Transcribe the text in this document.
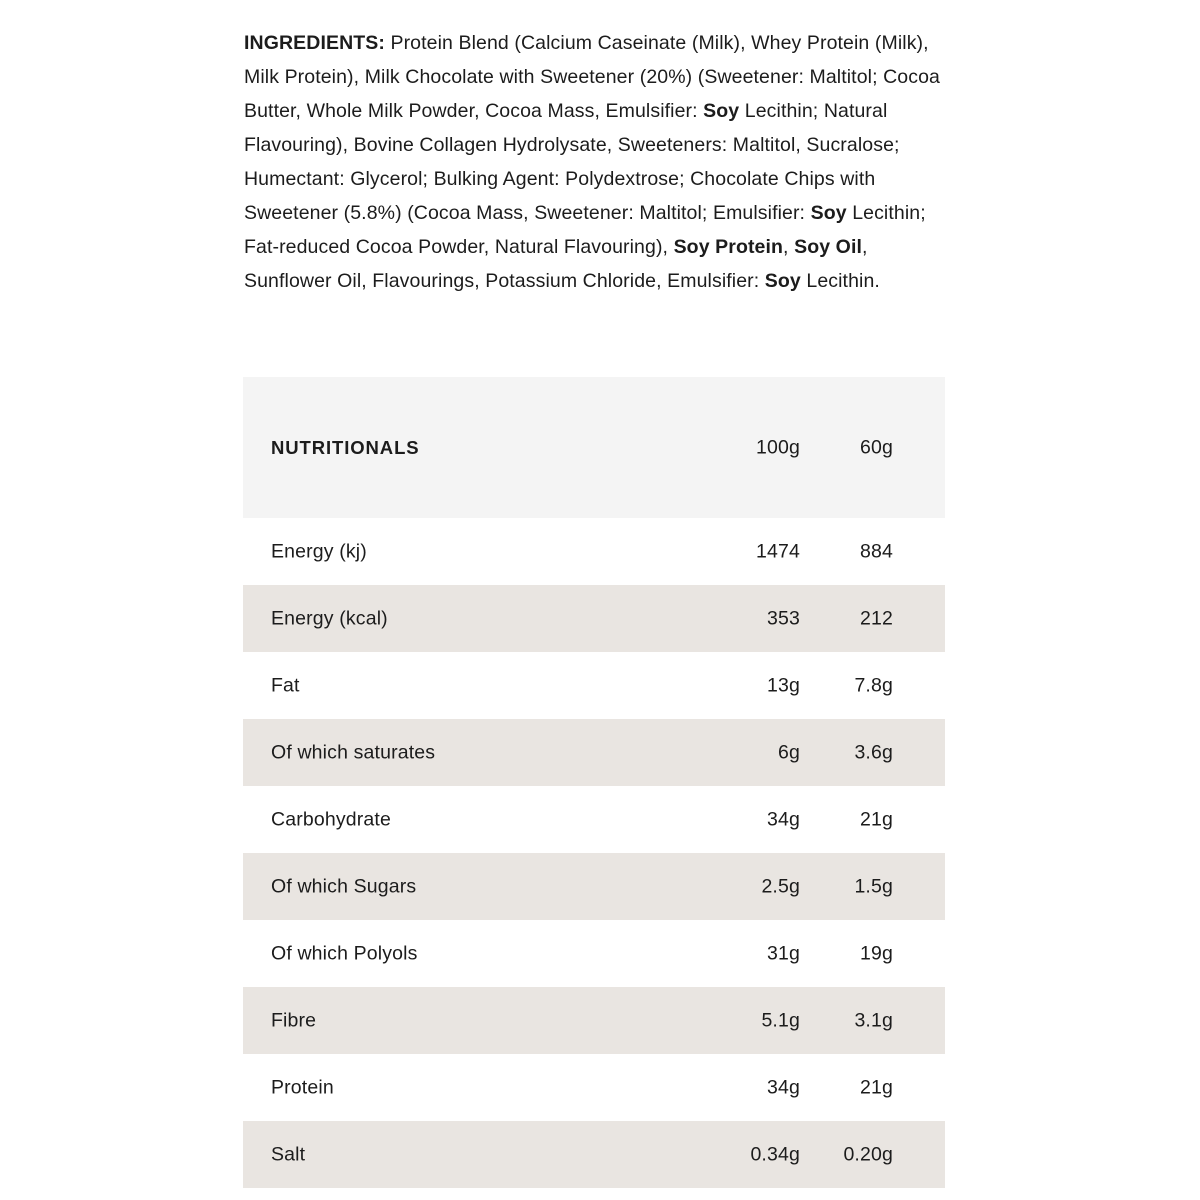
INGREDIENTS: Protein Blend (Calcium Caseinate (Milk), Whey Protein (Milk), Milk Protein), Milk Chocolate with Sweetener (20%) (Sweetener: Maltitol; Cocoa Butter, Whole Milk Powder, Cocoa Mass, Emulsifier: Soy Lecithin; Natural Flavouring), Bovine Collagen Hydrolysate, Sweeteners: Maltitol, Sucralose; Humectant: Glycerol; Bulking Agent: Polydextrose; Chocolate Chips with Sweetener (5.8%) (Cocoa Mass, Sweetener: Maltitol; Emulsifier: Soy Lecithin; Fat-reduced Cocoa Powder, Natural Flavouring), Soy Protein, Soy Oil, Sunflower Oil, Flavourings, Potassium Chloride, Emulsifier: Soy Lecithin.

NUTRITIONALS	100g	60g
Energy (kj)	1474	884
Energy (kcal)	353	212
Fat	13g	7.8g
Of which saturates	6g	3.6g
Carbohydrate	34g	21g
Of which Sugars	2.5g	1.5g
Of which Polyols	31g	19g
Fibre	5.1g	3.1g
Protein	34g	21g
Salt	0.34g 0.20g
